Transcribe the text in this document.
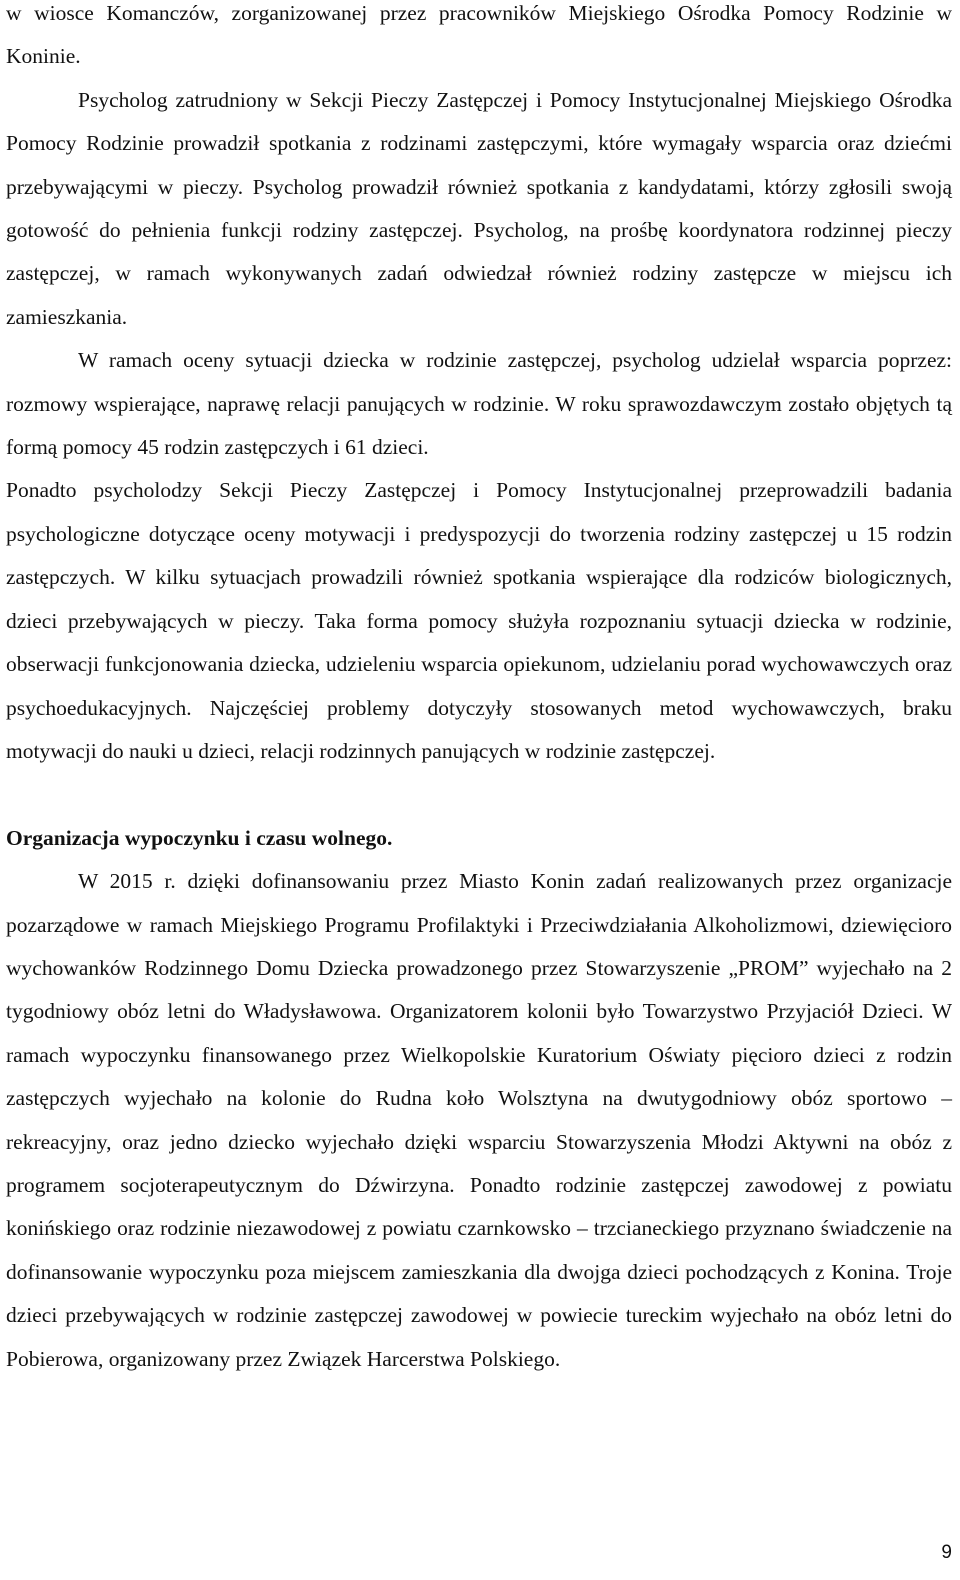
w wiosce Komanczów, zorganizowanej przez pracowników Miejskiego Ośrodka Pomocy Rodzinie w Koninie.

Psycholog zatrudniony w Sekcji Pieczy Zastępczej i Pomocy Instytucjonalnej Miejskiego Ośrodka Pomocy Rodzinie prowadził spotkania z rodzinami zastępczymi, które wymagały wsparcia oraz dziećmi przebywającymi w pieczy. Psycholog prowadził również spotkania z kandydatami, którzy zgłosili swoją gotowość do pełnienia funkcji rodziny zastępczej. Psycholog, na prośbę koordynatora rodzinnej pieczy zastępczej, w ramach wykonywanych zadań odwiedzał również rodziny zastępcze w miejscu ich zamieszkania.

W ramach oceny sytuacji dziecka w rodzinie zastępczej, psycholog udzielał wsparcia poprzez: rozmowy wspierające, naprawę relacji panujących w rodzinie. W roku sprawozdawczym zostało objętych tą formą pomocy 45 rodzin zastępczych i 61 dzieci.

Ponadto psycholodzy Sekcji Pieczy Zastępczej i Pomocy Instytucjonalnej przeprowadzili badania psychologiczne dotyczące oceny motywacji i predyspozycji do tworzenia rodziny zastępczej u 15 rodzin zastępczych. W kilku sytuacjach prowadzili również spotkania wspierające dla rodziców biologicznych, dzieci przebywających w pieczy. Taka forma pomocy służyła rozpoznaniu sytuacji dziecka w rodzinie, obserwacji funkcjonowania dziecka, udzieleniu wsparcia opiekunom, udzielaniu porad wychowawczych oraz psychoedukacyjnych. Najczęściej problemy dotyczyły stosowanych metod wychowawczych, braku motywacji do nauki u dzieci, relacji rodzinnych panujących w rodzinie zastępczej.

Organizacja wypoczynku i czasu wolnego.

W 2015 r. dzięki dofinansowaniu przez Miasto Konin zadań realizowanych przez organizacje pozarządowe w ramach Miejskiego Programu Profilaktyki i Przeciwdziałania Alkoholizmowi, dziewięcioro wychowanków Rodzinnego Domu Dziecka prowadzonego przez Stowarzyszenie „PROM” wyjechało na 2 tygodniowy obóz letni do Władysławowa. Organizatorem kolonii było Towarzystwo Przyjaciół Dzieci. W ramach wypoczynku finansowanego przez Wielkopolskie Kuratorium Oświaty pięcioro dzieci z rodzin zastępczych wyjechało na kolonie do Rudna koło Wolsztyna na dwutygodniowy obóz sportowo – rekreacyjny, oraz jedno dziecko wyjechało dzięki wsparciu Stowarzyszenia Młodzi Aktywni na obóz z programem socjoterapeutycznym do Dźwirzyna. Ponadto rodzinie zastępczej zawodowej z powiatu konińskiego oraz rodzinie niezawodowej z powiatu czarnkowsko – trzcianeckiego przyznano świadczenie na dofinansowanie wypoczynku poza miejscem zamieszkania dla dwojga dzieci pochodzących z Konina. Troje dzieci przebywających w rodzinie zastępczej zawodowej w powiecie tureckim wyjechało na obóz letni do Pobierowa, organizowany przez Związek Harcerstwa Polskiego.

9
